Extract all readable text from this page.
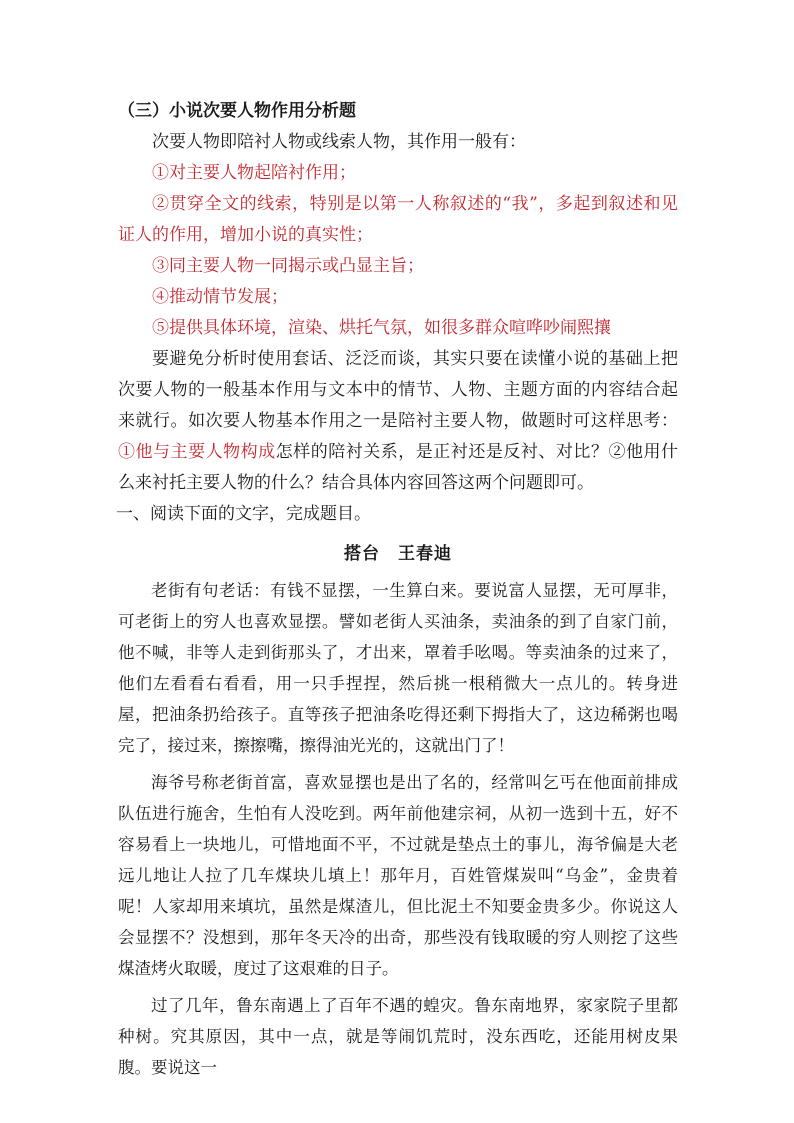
（三）小说次要人物作用分析题

次要人物即陪衬人物或线索人物，其作用一般有：

①对主要人物起陪衬作用；

②贯穿全文的线索，特别是以第一人称叙述的“我”，多起到叙述和见证人的作用，增加小说的真实性；

③同主要人物一同揭示或凸显主旨；

④推动情节发展；

⑤提供具体环境，渲染、烘托气氛，如很多群众喧哗吵闹熙攘

要避免分析时使用套话、泛泛而谈，其实只要在读懂小说的基础上把次要人物的一般基本作用与文本中的情节、人物、主题方面的内容结合起来就行。如次要人物基本作用之一是陪衬主要人物，做题时可这样思考：①他与主要人物构成怎样的陪衬关系，是正衬还是反衬、对比？②他用什么来衬托主要人物的什么？结合具体内容回答这两个问题即可。

一、阅读下面的文字，完成题目。

搭台 王春迪

老街有句老话：有钱不显摆，一生算白来。要说富人显摆，无可厚非，可老街上的穷人也喜欢显摆。譬如老街人买油条，卖油条的到了自家门前，他不喊，非等人走到街那头了，才出来，罩着手吆喝。等卖油条的过来了，他们左看看右看看，用一只手捏捏，然后挑一根稍微大一点儿的。转身进屋，把油条扔给孩子。直等孩子把油条吃得还剩下拇指大了，这边稀粥也喝完了，接过来，擦擦嘴，擦得油光光的，这就出门了！

海爷号称老街首富，喜欢显摆也是出了名的，经常叫乞丐在他面前排成队伍进行施舍，生怕有人没吃到。两年前他建宗祠，从初一选到十五，好不容易看上一块地儿，可惜地面不平，不过就是垫点土的事儿，海爷偏是大老远儿地让人拉了几车煤块儿填上！那年月，百姓管煤炭叫“乌金”，金贵着呢！人家却用来填坑，虽然是煤渣儿，但比泥土不知要金贵多少。你说这人会显摆不？没想到，那年冬天冷的出奇，那些没有钱取暖的穷人则挖了这些煤渣烤火取暖，度过了这艰难的日子。

过了几年，鲁东南遇上了百年不遇的蝗灾。鲁东南地界，家家院子里都种树。究其原因，其中一点，就是等闹饥荒时，没东西吃，还能用树皮果腹。要说这一
